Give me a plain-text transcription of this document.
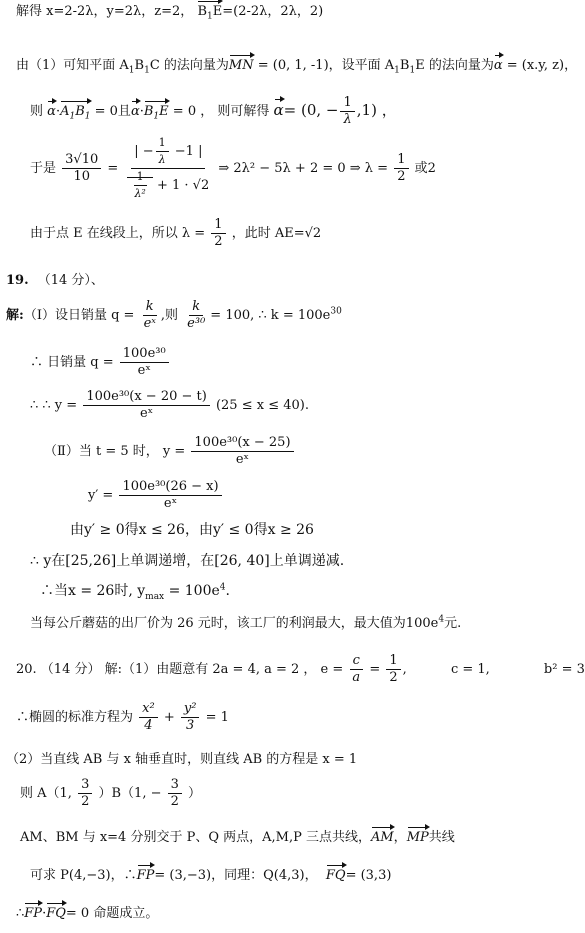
解得 x=2-2λ，y=2λ，z=2， $B_1E=(2-2\lambda$，2λ，2)
由（1）可知平面 $A_1B_1C$ 的法向量为MN = (0, 1, -1)，设平面 $A_1B_1E$ 的法向量为α = (x.y, z)，
则 $\alpha\cdot A_1B_1 = 0$且$\alpha\cdot B_1E = 0$ ， 则可解得 α= (0, − $\frac{1}{\lambda} ,1$) ，
于是 $\frac{3√10}{10} = \frac{| - \frac{1}{\lambda} -1 |}{\frac{1}{\text{λ²}} + 1 \cdot √2}$ ⇒ 2λ² − 5λ + 2 = 0 ⇒ $\lambda = \frac{1}{2}$ 或2
由于点 E 在线段上，所以 $\lambda = \frac{1}{2}$ ，此时 AE=√2
19. （14 分）、
解:（Ⅰ）设日销量 $q = \frac{k}{\text{eˣ}}$ ,则 $\frac{k}{\text{e³⁰}} = 100$, ∴ $k = 100e^{30}$
∴ 日销量 $q = \frac{\text{100e³⁰}}{\text{eˣ}}$
∴ ∴ $y = \frac{\text{100e³⁰(x − 20 − t)}}{\text{eˣ}} (25 \le x \le 40)$.
（Ⅱ）当 t = 5 时， $y = \frac{\text{100e³⁰(x − 25)}}{\text{eˣ}}$
$y' = \frac{\text{100e³⁰(26 − x)}}{\text{eˣ}}$
由y′ ≥ 0得x ≤ 26，由y′ ≤ 0得x ≥ 26
∴ y在[25,26]上单调递增，在[26, 40]上单调递减.
∴当x = 26时, $y_{max} = 100e^4$.
当每公斤蘑菇的出厂价为 26 元时，该工厂的利润最大，最大值为$100e^4$元.
20. （14 分） 解:（1）由题意有 2a = 4, a = 2 ， $e = \frac{c}{a} = \frac{1}{2}$ ,	c = 1,	b² = 3
∴椭圆的标准方程为 $\frac{\text{x²}}{4} + \frac{\text{y²}}{3} = 1$
（2）当直线 AB 与 x 轴垂直时，则直线 AB 的方程是 x = 1
则 A（1, $\frac{3}{2} )B(1$, − $\frac{3}{2}$ ）
AM、BM 与 x=4 分别交于 P、Q 两点，A,M,P 三点共线，AM，MP共线
可求 P(4,−3)，∴FP= (3,−3)，同理：Q(4,3)， FQ= (3,3)
∴FP·FQ= 0 命题成立。
